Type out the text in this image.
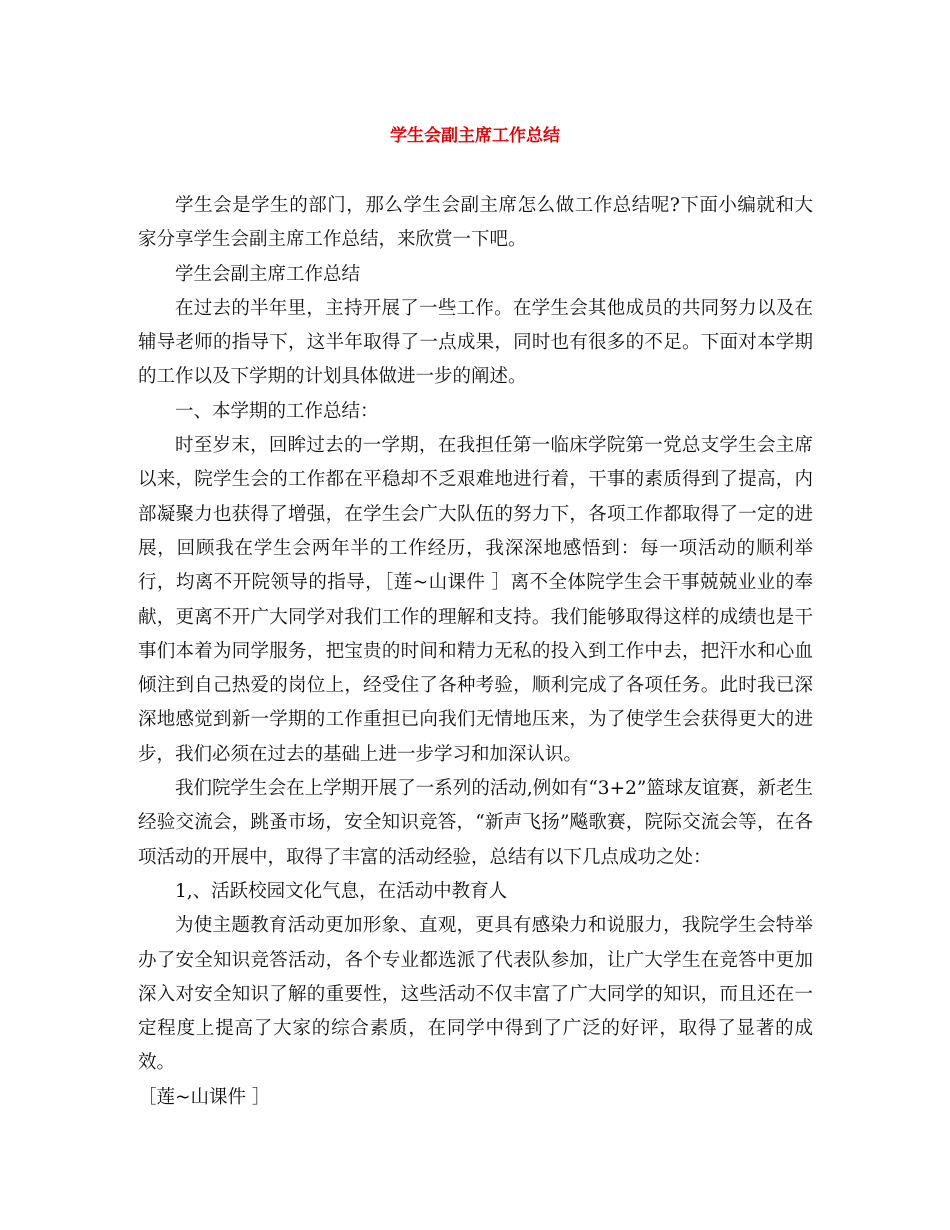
学生会副主席工作总结

学生会是学生的部门，那么学生会副主席怎么做工作总结呢?下面小编就和大家分享学生会副主席工作总结，来欣赏一下吧。

学生会副主席工作总结

在过去的半年里，主持开展了一些工作。在学生会其他成员的共同努力以及在辅导老师的指导下，这半年取得了一点成果，同时也有很多的不足。下面对本学期的工作以及下学期的计划具体做进一步的阐述。

一、本学期的工作总结：

时至岁末，回眸过去的一学期，在我担任第一临床学院第一党总支学生会主席以来，院学生会的工作都在平稳却不乏艰难地进行着，干事的素质得到了提高，内部凝聚力也获得了增强，在学生会广大队伍的努力下，各项工作都取得了一定的进展，回顾我在学生会两年半的工作经历，我深深地感悟到：每一项活动的顺利举行，均离不开院领导的指导，［莲~山课件 ］离不全体院学生会干事兢兢业业的奉献，更离不开广大同学对我们工作的理解和支持。我们能够取得这样的成绩也是干事们本着为同学服务，把宝贵的时间和精力无私的投入到工作中去，把汗水和心血倾注到自己热爱的岗位上，经受住了各种考验，顺利完成了各项任务。此时我已深深地感觉到新一学期的工作重担已向我们无情地压来，为了使学生会获得更大的进步，我们必须在过去的基础上进一步学习和加深认识。

我们院学生会在上学期开展了一系列的活动,例如有“3+2”篮球友谊赛，新老生经验交流会，跳蚤市场，安全知识竞答，“新声飞扬”飚歌赛，院际交流会等，在各项活动的开展中，取得了丰富的活动经验，总结有以下几点成功之处：

1,、活跃校园文化气息，在活动中教育人

为使主题教育活动更加形象、直观，更具有感染力和说服力，我院学生会特举办了安全知识竞答活动，各个专业都选派了代表队参加，让广大学生在竞答中更加深入对安全知识了解的重要性，这些活动不仅丰富了广大同学的知识，而且还在一定程度上提高了大家的综合素质，在同学中得到了广泛的好评，取得了显著的成效。

［莲~山课件 ］
